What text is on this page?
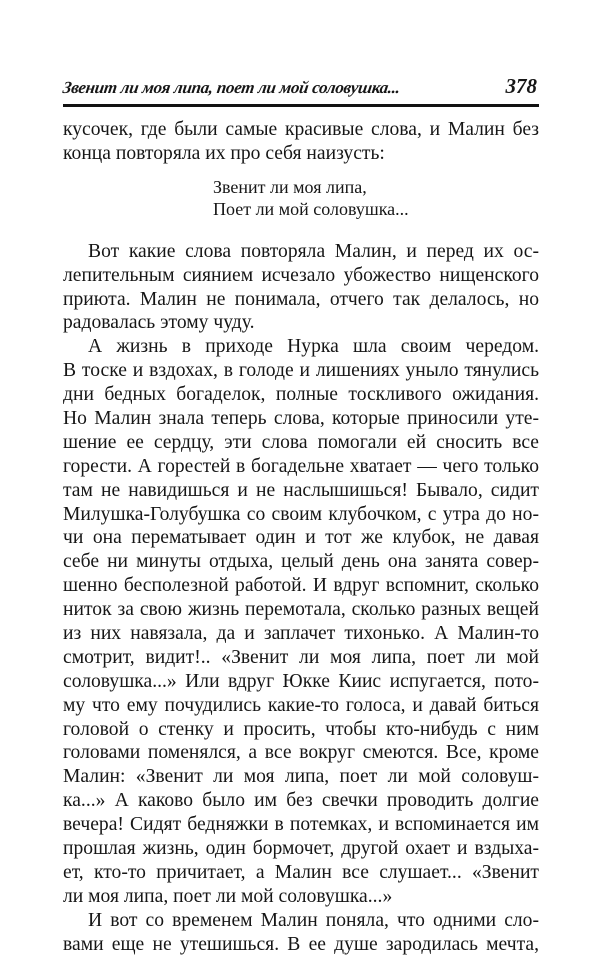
Звенит ли моя липа, поет ли мой соловушка...	378
кусочек, где были самые красивые слова, и Малин без
конца повторяла их про себя наизусть:
Звенит ли моя липа,
Поет ли мой соловушка...
Вот какие слова повторяла Малин, и перед их ос-
лепительным сиянием исчезало убожество нищенского
приюта. Малин не понимала, отчего так делалось, но
радовалась этому чуду.
А жизнь в приходе Нурка шла своим чередом.
В тоске и вздохах, в голоде и лишениях уныло тянулись
дни бедных богаделок, полные тоскливого ожидания.
Но Малин знала теперь слова, которые приносили уте-
шение ее сердцу, эти слова помогали ей сносить все
горести. А горестей в богадельне хватает — чего только
там не навидишься и не наслышишься! Бывало, сидит
Милушка-Голубушка со своим клубочком, с утра до но-
чи она перематывает один и тот же клубок, не давая
себе ни минуты отдыха, целый день она занята совер-
шенно бесполезной работой. И вдруг вспомнит, сколько
ниток за свою жизнь перемотала, сколько разных вещей
из них навязала, да и заплачет тихонько. А Малин-то
смотрит, видит!.. «Звенит ли моя липа, поет ли мой
соловушка...» Или вдруг Юкке Киис испугается, пото-
му что ему почудились какие-то голоса, и давай биться
головой о стенку и просить, чтобы кто-нибудь с ним
головами поменялся, а все вокруг смеются. Все, кроме
Малин: «Звенит ли моя липа, поет ли мой соловуш-
ка...» А каково было им без свечки проводить долгие
вечера! Сидят бедняжки в потемках, и вспоминается им
прошлая жизнь, один бормочет, другой охает и вздыха-
ет, кто-то причитает, а Малин все слушает... «Звенит
ли моя липа, поет ли мой соловушка...»
И вот со временем Малин поняла, что одними сло-
вами еще не утешишься. В ее душе зародилась мечта,
